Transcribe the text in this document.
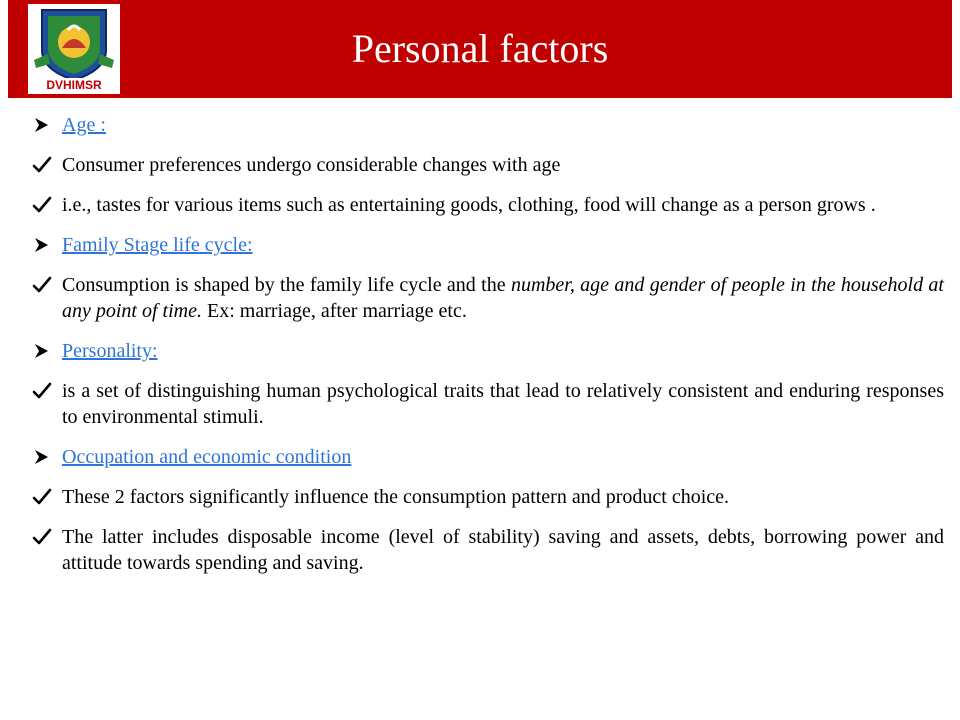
DVHIMSR
Personal factors
Age :
Consumer preferences undergo considerable changes with age
i.e., tastes for various items such as entertaining goods, clothing, food will change as a person grows .
Family Stage life cycle:
Consumption is shaped by the family life cycle and the number, age and gender of people in the household at any point of time. Ex: marriage, after marriage etc.
Personality:
is a set of distinguishing human psychological traits that lead to relatively consistent and enduring responses to environmental stimuli.
Occupation and economic condition
These 2 factors significantly influence the consumption pattern and product choice.
The latter includes disposable income (level of stability) saving and assets, debts, borrowing power and attitude towards spending and saving.
